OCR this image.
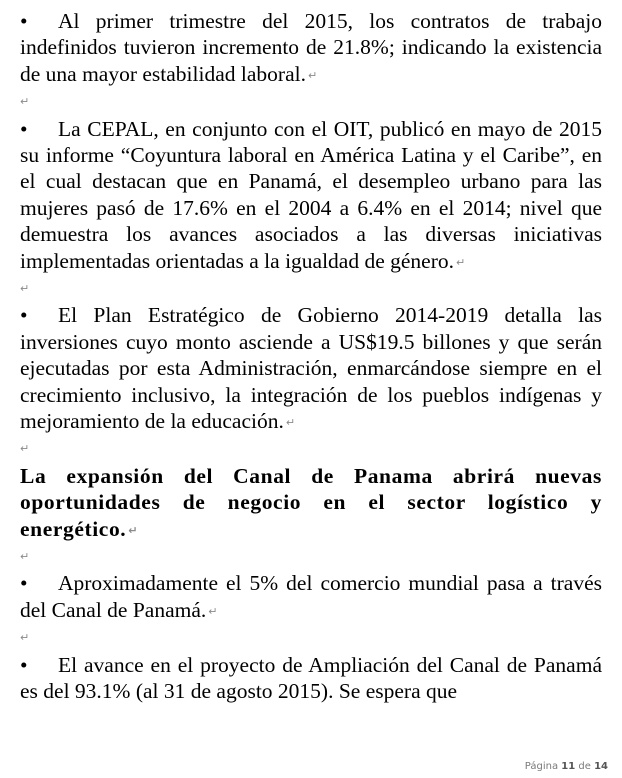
• Al primer trimestre del 2015, los contratos de trabajo indefinidos tuvieron incremento de 21.8%; indicando la existencia de una mayor estabilidad laboral. ↵

↵

• La CEPAL, en conjunto con el OIT, publicó en mayo de 2015 su informe “Coyuntura laboral en América Latina y el Caribe”, en el cual destacan que en Panamá, el desempleo urbano para las mujeres pasó de 17.6% en el 2004 a 6.4% en el 2014; nivel que demuestra los avances asociados a las diversas iniciativas implementadas orientadas a la igualdad de género. ↵

↵

• El Plan Estratégico de Gobierno 2014-2019 detalla las inversiones cuyo monto asciende a US$19.5 billones y que serán ejecutadas por esta Administración, enmarcándose siempre en el crecimiento inclusivo, la integración de los pueblos indígenas y mejoramiento de la educación. ↵

↵

La expansión del Canal de Panama abrirá nuevas oportunidades de negocio en el sector logístico y energético. ↵

↵

• Aproximadamente el 5% del comercio mundial pasa a través del Canal de Panamá. ↵

↵

• El avance en el proyecto de Ampliación del Canal de Panamá es del 93.1% (al 31 de agosto 2015). Se espera que

Página 11 de 14
